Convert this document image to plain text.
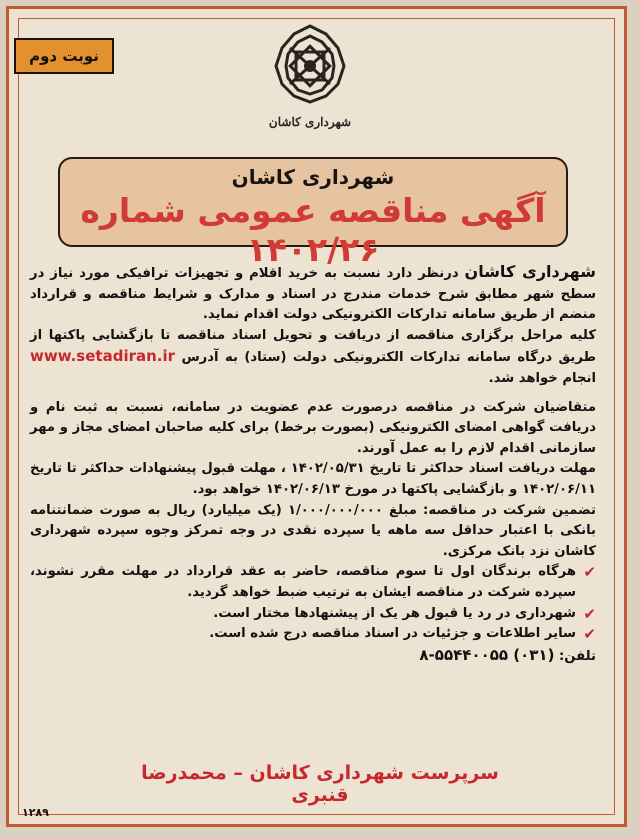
نوبت دوم
شهرداری کاشان
شهرداری کاشان
آگهی مناقصه عمومی شماره ۱۴۰۲/۲۶

شهرداری کاشان درنظر دارد نسبت به خرید اقلام و تجهیزات ترافیکی مورد نیاز در سطح شهر مطابق شرح خدمات مندرج در اسناد و مدارک و شرایط مناقصه و قرارداد منضم از طریق سامانه تدارکات الکترونیکی دولت اقدام نماید.

کلیه مراحل برگزاری مناقصه از دریافت و تحویل اسناد مناقصه تا بازگشایی پاکتها از طریق درگاه سامانه تدارکات الکترونیکی دولت (ستاد) به آدرس www.setadiran.ir انجام خواهد شد.

متقاضیان شرکت در مناقصه درصورت عدم عضویت در سامانه، نسبت به ثبت نام و دریافت گواهی امضای الکترونیکی (بصورت برخط) برای کلیه صاحبان امضای مجاز و مهر سازمانی اقدام لازم را به عمل آورند.

مهلت دریافت اسناد حداکثر تا تاریخ ۱۴۰۲/۰۵/۳۱ ، مهلت قبول پیشنهادات حداکثر تا تاریخ ۱۴۰۲/۰۶/۱۱ و بازگشایی پاکتها در مورخ ۱۴۰۲/۰۶/۱۳ خواهد بود.

تضمین شرکت در مناقصه: مبلغ ۱/۰۰۰/۰۰۰/۰۰۰ (یک میلیارد) ریال به صورت ضمانتنامه بانکی با اعتبار حداقل سه ماهه یا سپرده نقدی در وجه تمرکز وجوه سپرده شهرداری کاشان نزد بانک مرکزی.

✔
هرگاه برندگان اول تا سوم مناقصه، حاضر به عقد قرارداد در مهلت مقرر نشوند، سپرده شرکت در مناقصه ایشان به ترتیب ضبط خواهد گردید.
✔
شهرداری در رد یا قبول هر یک از پیشنهادها مختار است.
✔
سایر اطلاعات و جزئیات در اسناد مناقصه درج شده است.

تلفن: ۸-۵۵۴۴۰۰۵۵ (۰۳۱)

سرپرست شهرداری کاشان – محمدرضا قنبری
۱۲۸۹
